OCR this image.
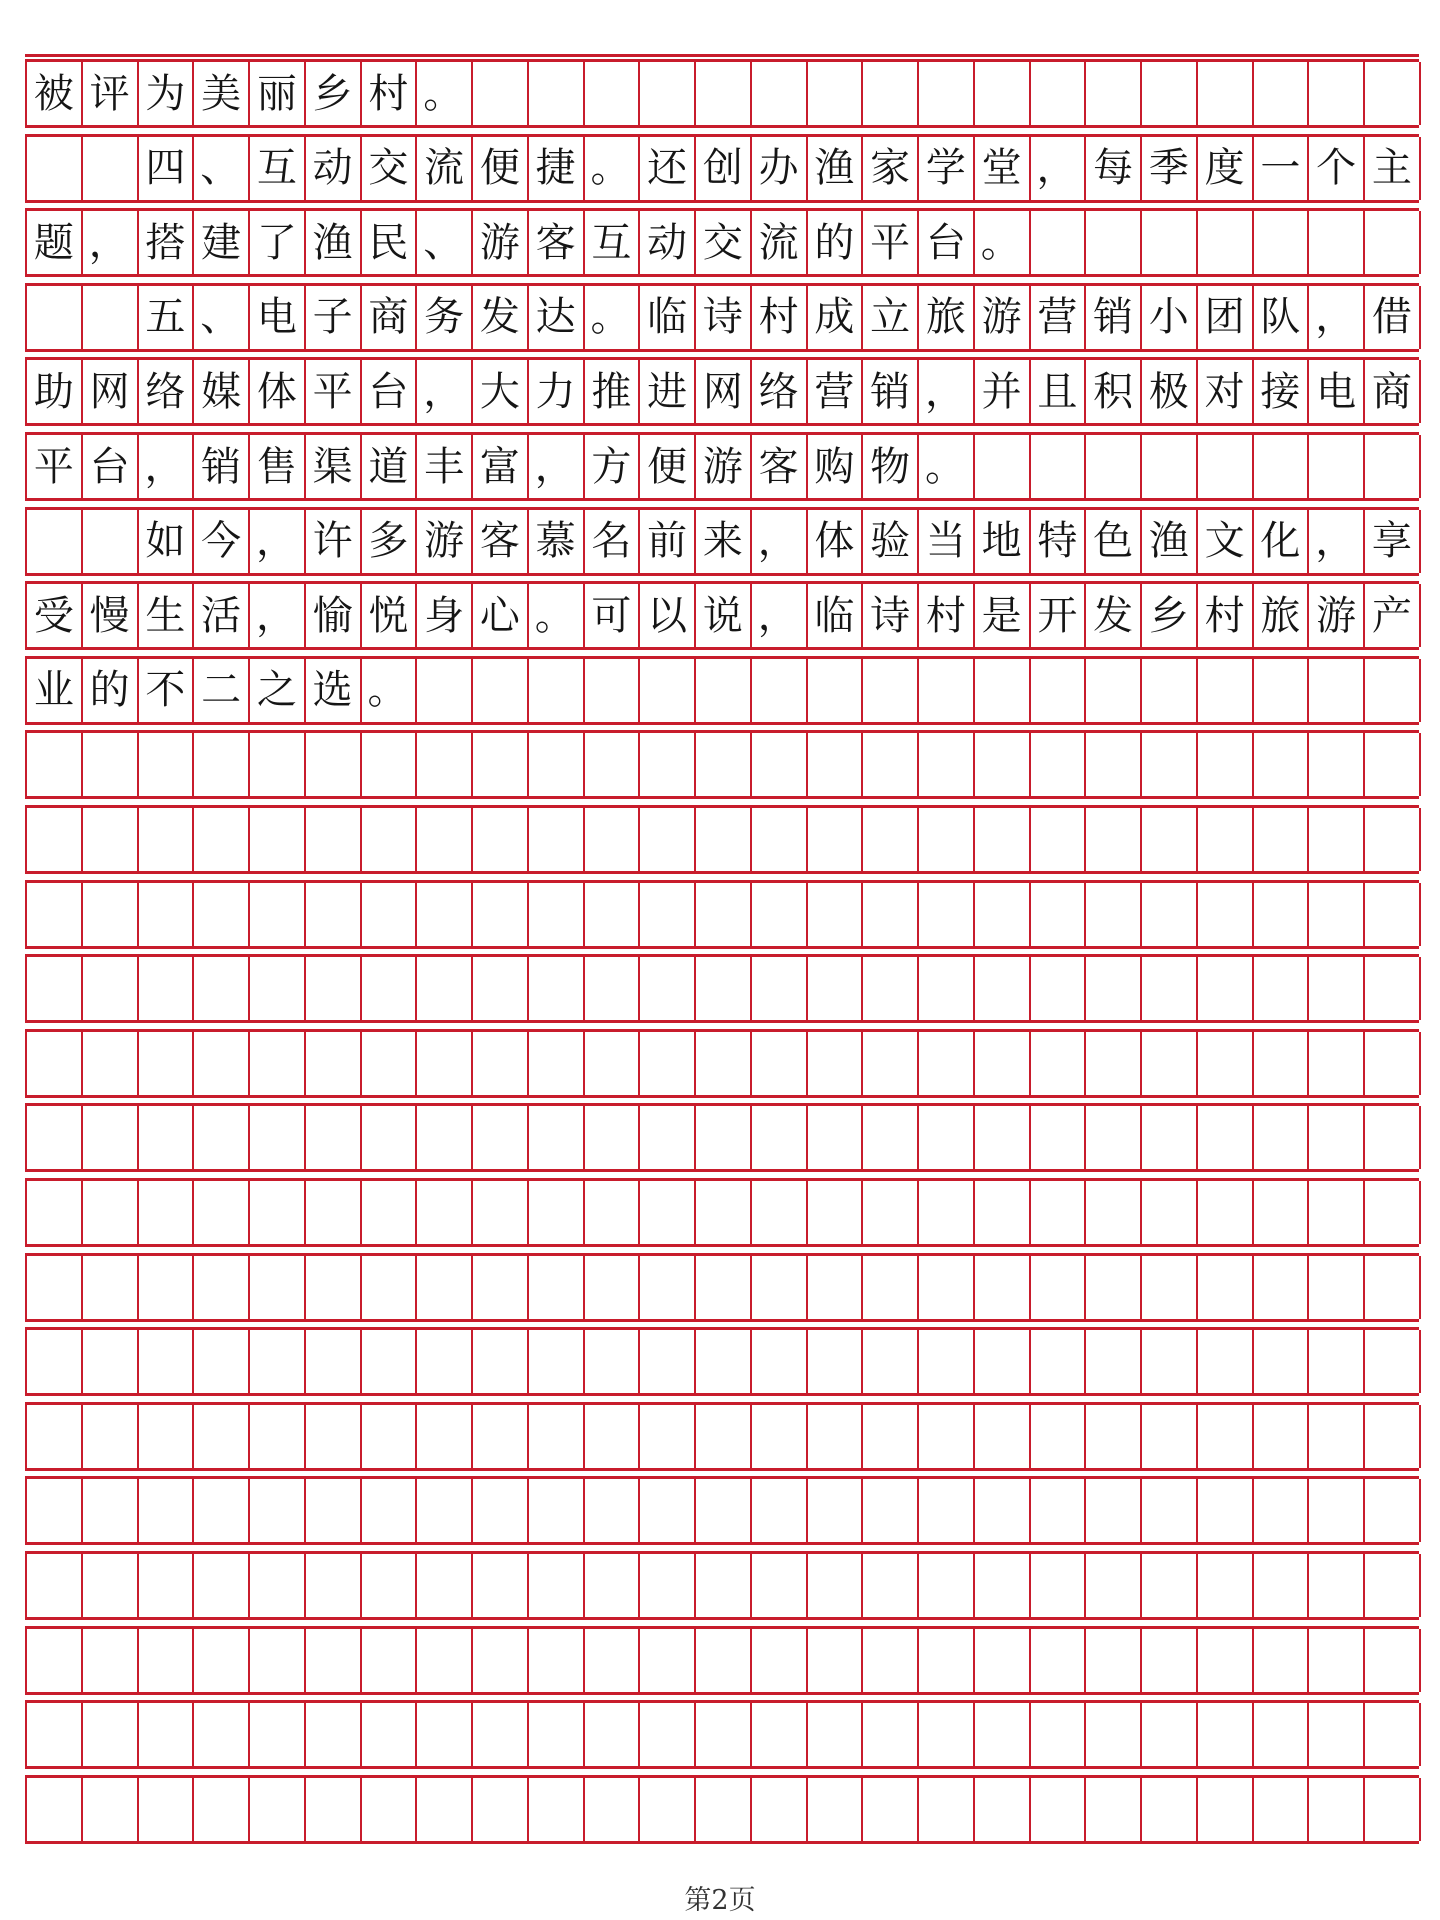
被 评 为 美 丽 乡 村 。
四 、 互 动 交 流 便 捷 。 还 创 办 渔 家 学 堂 ， 每 季 度 一 个 主
题 ， 搭 建 了 渔 民 、 游 客 互 动 交 流 的 平 台 。
五 、 电 子 商 务 发 达 。 临 诗 村 成 立 旅 游 营 销 小 团 队 ， 借
助 网 络 媒 体 平 台 ， 大 力 推 进 网 络 营 销 ， 并 且 积 极 对 接 电 商
平 台 ， 销 售 渠 道 丰 富 ， 方 便 游 客 购 物 。
如 今 ， 许 多 游 客 慕 名 前 来 ， 体 验 当 地 特 色 渔 文 化 ， 享
受 慢 生 活 ， 愉 悦 身 心 。 可 以 说 ， 临 诗 村 是 开 发 乡 村 旅 游 产
业 的 不 二 之 选 。
第2页
